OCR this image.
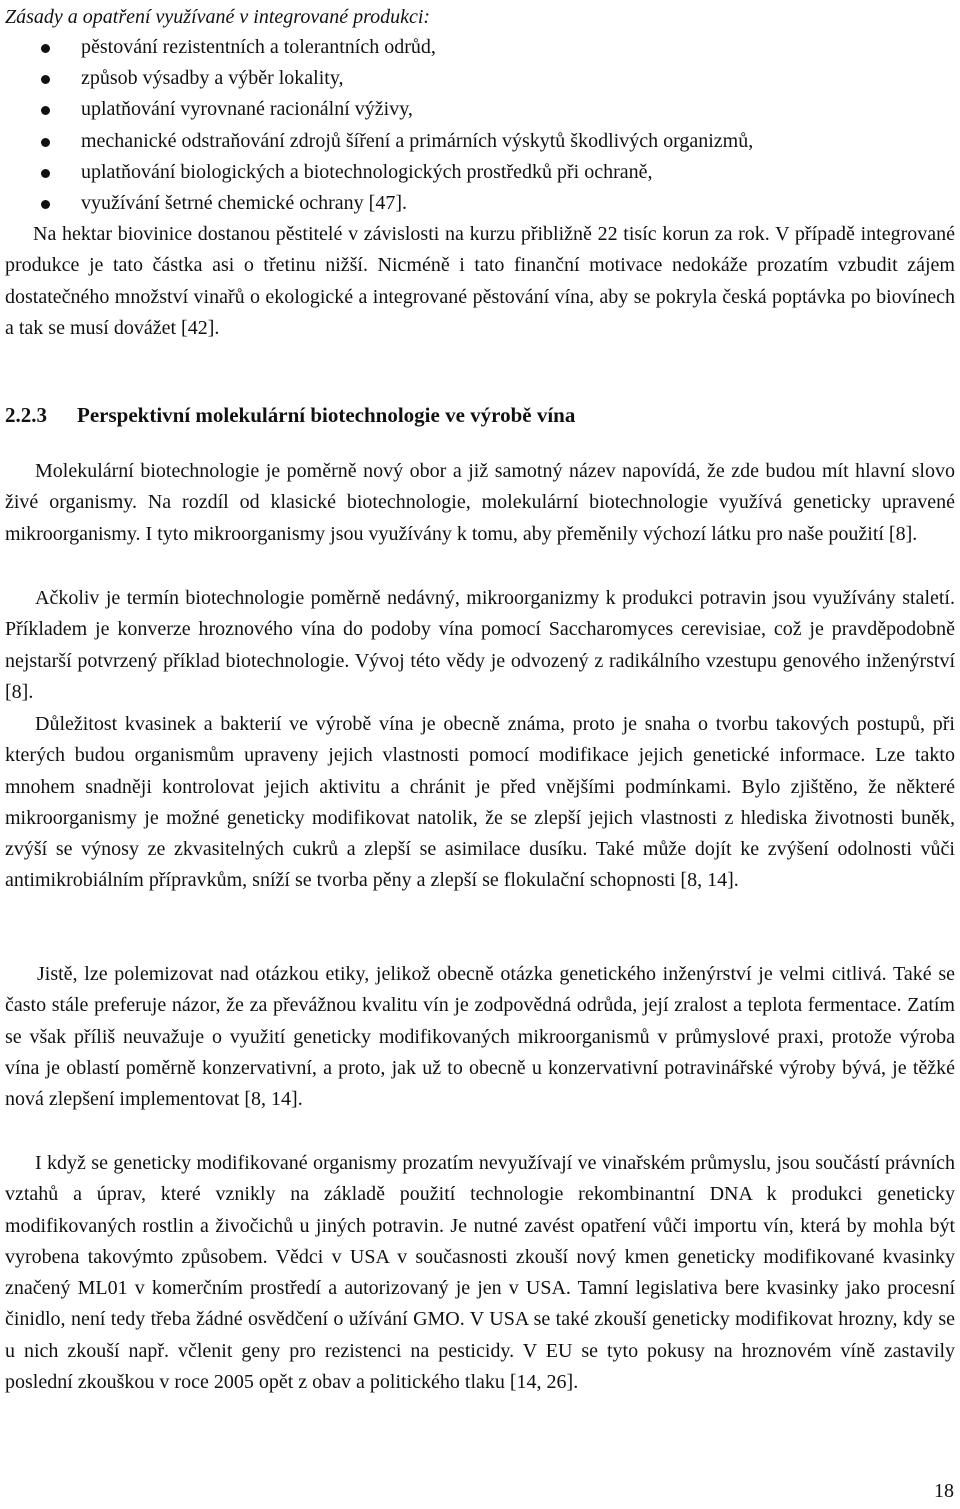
Zásady a opatření využívané v integrované produkci:

pěstování rezistentních a tolerantních odrůd,
způsob výsadby a výběr lokality,
uplatňování vyrovnané racionální výživy,
mechanické odstraňování zdrojů šíření a primárních výskytů škodlivých organizmů,
uplatňování biologických a biotechnologických prostředků při ochraně,
využívání šetrné chemické ochrany [47].

Na hektar biovinice dostanou pěstitelé v závislosti na kurzu přibližně 22 tisíc korun za rok. V případě integrované produkce je tato částka asi o třetinu nižší. Nicméně i tato finanční motivace nedokáže prozatím vzbudit zájem dostatečného množství vinařů o ekologické a integrované pěstování vína, aby se pokryla česká poptávka po biovínech a tak se musí dovážet [42].

2.2.3 Perspektivní molekulární biotechnologie ve výrobě vína

Molekulární biotechnologie je poměrně nový obor a již samotný název napovídá, že zde budou mít hlavní slovo živé organismy. Na rozdíl od klasické biotechnologie, molekulární biotechnologie využívá geneticky upravené mikroorganismy. I tyto mikroorganismy jsou využívány k tomu, aby přeměnily výchozí látku pro naše použití [8].

Ačkoliv je termín biotechnologie poměrně nedávný, mikroorganizmy k produkci potravin jsou využívány staletí. Příkladem je konverze hroznového vína do podoby vína pomocí Saccharomyces cerevisiae, což je pravděpodobně nejstarší potvrzený příklad biotechnologie. Vývoj této vědy je odvozený z radikálního vzestupu genového inženýrství [8].

Důležitost kvasinek a bakterií ve výrobě vína je obecně známa, proto je snaha o tvorbu takových postupů, při kterých budou organismům upraveny jejich vlastnosti pomocí modifikace jejich genetické informace. Lze takto mnohem snadněji kontrolovat jejich aktivitu a chránit je před vnějšími podmínkami. Bylo zjištěno, že některé mikroorganismy je možné geneticky modifikovat natolik, že se zlepší jejich vlastnosti z hlediska životnosti buněk, zvýší se výnosy ze zkvasitelných cukrů a zlepší se asimilace dusíku. Také může dojít ke zvýšení odolnosti vůči antimikrobiálním přípravkům, sníží se tvorba pěny a zlepší se flokulační schopnosti [8, 14].

Jistě, lze polemizovat nad otázkou etiky, jelikož obecně otázka genetického inženýrství je velmi citlivá. Také se často stále preferuje názor, že za převážnou kvalitu vín je zodpovědná odrůda, její zralost a teplota fermentace. Zatím se však příliš neuvažuje o využití geneticky modifikovaných mikroorganismů v průmyslové praxi, protože výroba vína je oblastí poměrně konzervativní, a proto, jak už to obecně u konzervativní potravinářské výroby bývá, je těžké nová zlepšení implementovat [8, 14].

I když se geneticky modifikované organismy prozatím nevyužívají ve vinařském průmyslu, jsou součástí právních vztahů a úprav, které vznikly na základě použití technologie rekombinantní DNA k produkci geneticky modifikovaných rostlin a živočichů u jiných potravin. Je nutné zavést opatření vůči importu vín, která by mohla být vyrobena takovýmto způsobem. Vědci v USA v současnosti zkouší nový kmen geneticky modifikované kvasinky značený ML01 v komerčním prostředí a autorizovaný je jen v USA. Tamní legislativa bere kvasinky jako procesní činidlo, není tedy třeba žádné osvědčení o užívání GMO. V USA se také zkouší geneticky modifikovat hrozny, kdy se u nich zkouší např. včlenit geny pro rezistenci na pesticidy. V EU se tyto pokusy na hroznovém víně zastavily poslední zkouškou v roce 2005 opět z obav a politického tlaku [14, 26].

18
